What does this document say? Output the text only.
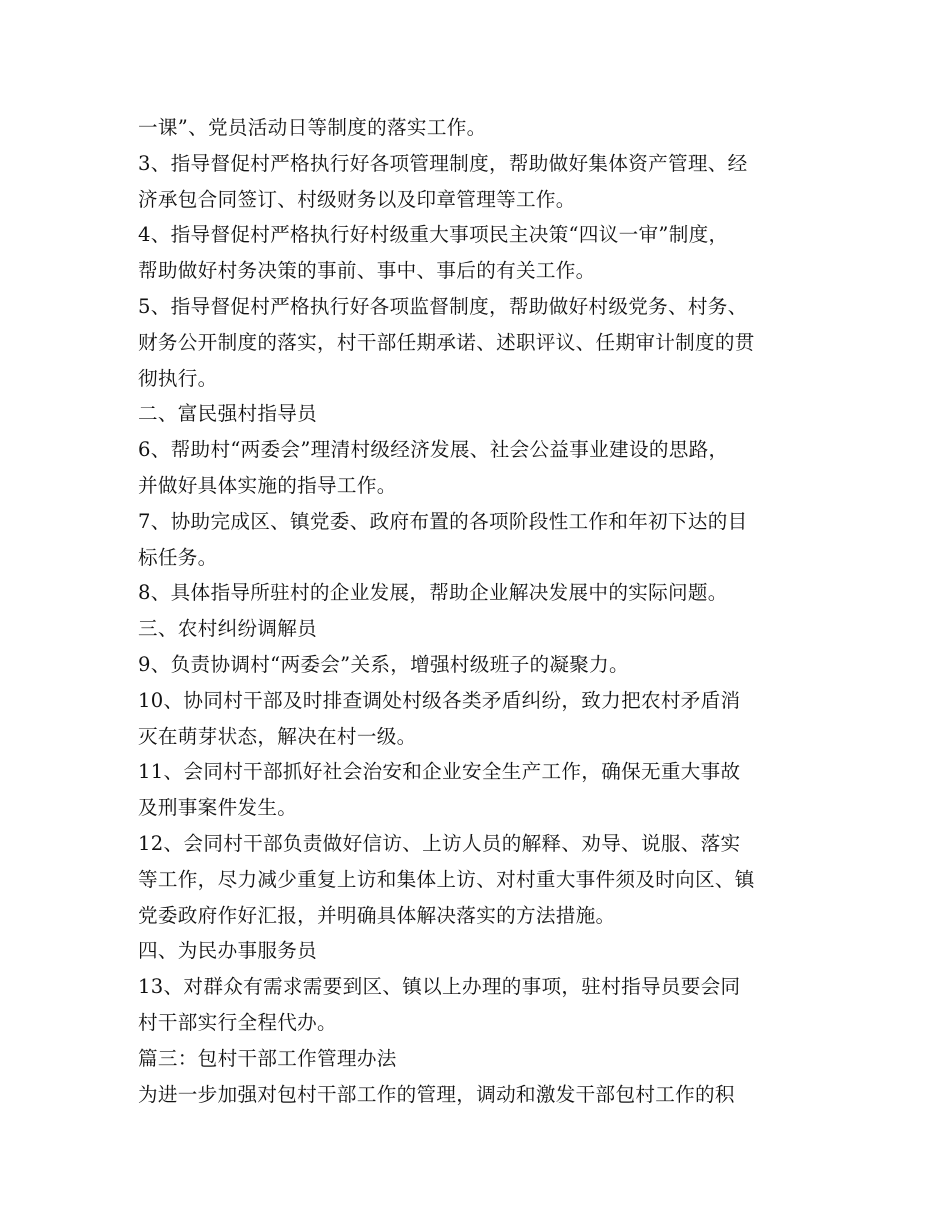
一课”、党员活动日等制度的落实工作。
3、指导督促村严格执行好各项管理制度，帮助做好集体资产管理、经
济承包合同签订、村级财务以及印章管理等工作。
4、指导督促村严格执行好村级重大事项民主决策“四议一审”制度，
帮助做好村务决策的事前、事中、事后的有关工作。
5、指导督促村严格执行好各项监督制度，帮助做好村级党务、村务、
财务公开制度的落实，村干部任期承诺、述职评议、任期审计制度的贯
彻执行。
二、富民强村指导员
6、帮助村“两委会”理清村级经济发展、社会公益事业建设的思路，
并做好具体实施的指导工作。
7、协助完成区、镇党委、政府布置的各项阶段性工作和年初下达的目
标任务。
8、具体指导所驻村的企业发展，帮助企业解决发展中的实际问题。
三、农村纠纷调解员
9、负责协调村“两委会”关系，增强村级班子的凝聚力。
10、协同村干部及时排查调处村级各类矛盾纠纷，致力把农村矛盾消
灭在萌芽状态，解决在村一级。
11、会同村干部抓好社会治安和企业安全生产工作，确保无重大事故
及刑事案件发生。
12、会同村干部负责做好信访、上访人员的解释、劝导、说服、落实
等工作，尽力减少重复上访和集体上访、对村重大事件须及时向区、镇
党委政府作好汇报，并明确具体解决落实的方法措施。
四、为民办事服务员
13、对群众有需求需要到区、镇以上办理的事项，驻村指导员要会同
村干部实行全程代办。
篇三：包村干部工作管理办法
为进一步加强对包村干部工作的管理，调动和激发干部包村工作的积
